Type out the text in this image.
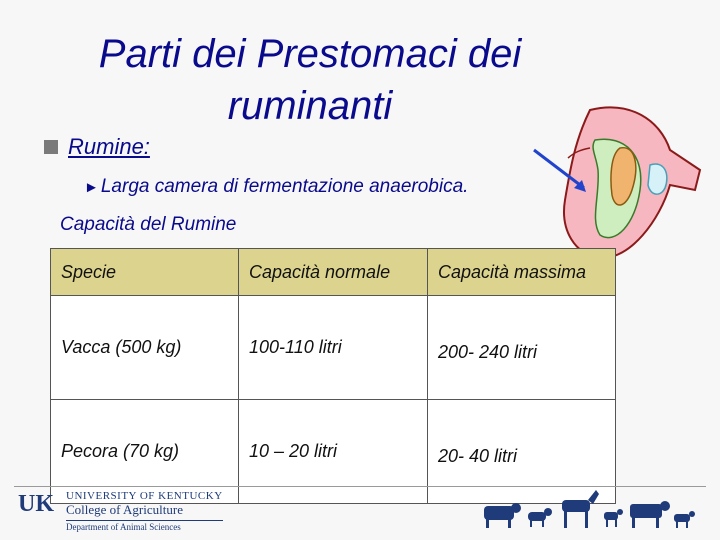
Parti dei Prestomaci dei ruminanti
Rumine:
► Larga camera di fermentazione anaerobica.
Capacità del Rumine
Specie	Capacità normale	Capacità massima
Vacca (500 kg)	100-110 litri	200- 240 litri
Pecora (70 kg)	10 – 20 litri	20- 40 litri
UK UNIVERSITY OF KENTUCKY
College of Agriculture
Department of Animal Sciences
